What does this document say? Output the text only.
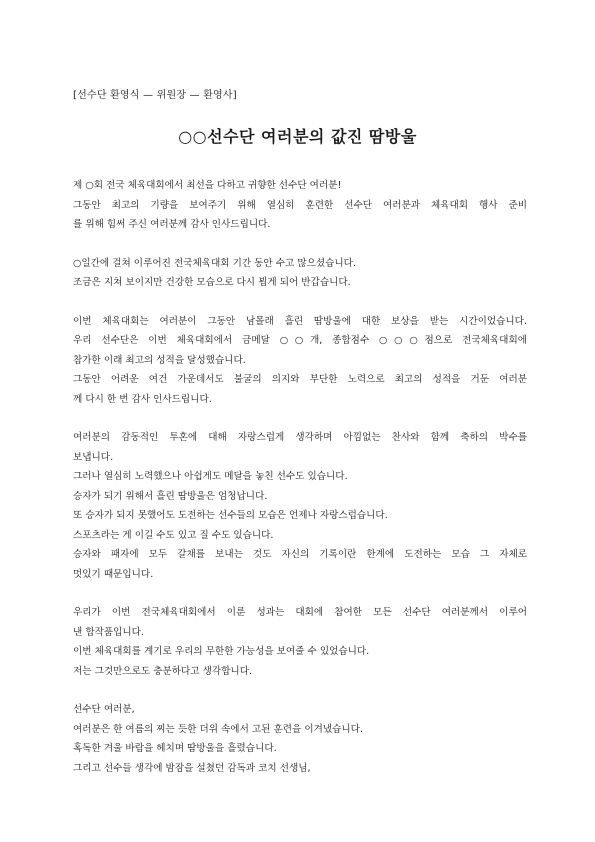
[선수단 환영식 — 위원장 — 환영사]
○○선수단 여러분의 값진 땀방울
제 ○회 전국 체육대회에서 최선을 다하고 귀향한 선수단 여러분!
그동안 최고의 기량을 보여주기 위해 열심히 훈련한 선수단 여러분과 체육대회 행사 준비
를 위해 힘써 주신 여러분께 감사 인사드립니다.
○일간에 걸쳐 이루어진 전국체육대회 기간 동안 수고 많으셨습니다.
조금은 지쳐 보이지만 건강한 모습으로 다시 뵙게 되어 반갑습니다.
이번 체육대회는 여러분이 그동안 남몰래 흘린 땀방울에 대한 보상을 받는 시간이었습니다.
우리 선수단은 이번 체육대회에서 금메달 ○○개, 종합점수 ○○○점으로 전국체육대회에
참가한 이래 최고의 성적을 달성했습니다.
그동안 어려운 여건 가운데서도 불굴의 의지와 부단한 노력으로 최고의 성적을 거둔 여러분
께 다시 한 번 감사 인사드립니다.
여러분의 감동적인 투혼에 대해 자랑스럽게 생각하며 아낌없는 찬사와 함께 축하의 박수를
보냅니다.
그러나 열심히 노력했으나 아쉽게도 메달을 놓친 선수도 있습니다.
승자가 되기 위해서 흘린 땀방울은 엄청납니다.
또 승자가 되지 못했어도 도전하는 선수들의 모습은 언제나 자랑스럽습니다.
스포츠라는 게 이길 수도 있고 질 수도 있습니다.
승자와 패자에 모두 갈채를 보내는 것도 자신의 기록이란 한계에 도전하는 모습 그 자체로
멋있기 때문입니다.
우리가 이번 전국체육대회에서 이룬 성과는 대회에 참여한 모든 선수단 여러분께서 이루어
낸 합작품입니다.
이번 체육대회를 계기로 우리의 무한한 가능성을 보여줄 수 있었습니다.
저는 그것만으로도 충분하다고 생각합니다.
선수단 여러분,
여러분은 한 여름의 찌는 듯한 더위 속에서 고된 훈련을 이겨냈습니다.
혹독한 겨울 바람을 헤치며 땀방울을 흘렸습니다.
그리고 선수들 생각에 밤잠을 설쳤던 감독과 코치 선생님,
